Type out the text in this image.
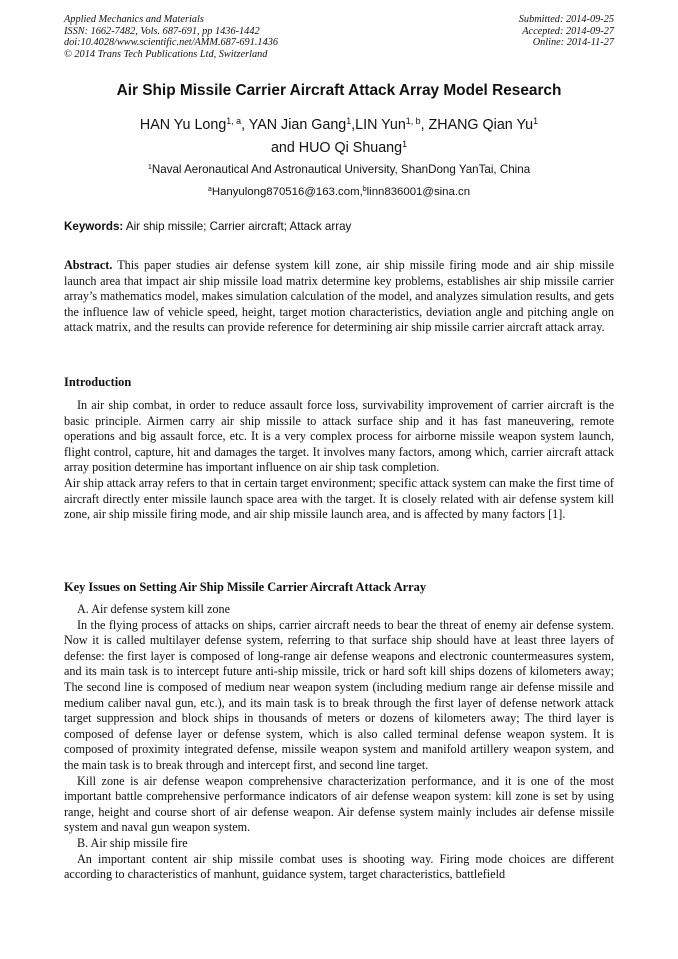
Applied Mechanics and Materials
ISSN: 1662-7482, Vols. 687-691, pp 1436-1442
doi:10.4028/www.scientific.net/AMM.687-691.1436
© 2014 Trans Tech Publications Ltd, Switzerland
Submitted: 2014-09-25
Accepted: 2014-09-27
Online: 2014-11-27
Air Ship Missile Carrier Aircraft Attack Array Model Research
HAN Yu Long$^{1, a}$, YAN Jian Gang$^1$,LIN Yun$^{1, b}$, ZHANG Qian Yu$^1$
and HUO Qi Shuang$^1$
$^1$Naval Aeronautical And Astronautical University, ShanDong YanTai, China
$^a$Hanyulong870516@163.com,$^b$linn836001@sina.cn
Keywords: Air ship missile; Carrier aircraft; Attack array

Abstract. This paper studies air defense system kill zone, air ship missile firing mode and air ship missile launch area that impact air ship missile load matrix determine key problems, establishes air ship missile carrier array’s mathematics model, makes simulation calculation of the model, and analyzes simulation results, and gets the influence law of vehicle speed, height, target motion characteristics, deviation angle and pitching angle on attack matrix, and the results can provide reference for determining air ship missile carrier aircraft attack array.

Introduction

In air ship combat, in order to reduce assault force loss, survivability improvement of carrier aircraft is the basic principle. Airmen carry air ship missile to attack surface ship and it has fast maneuvering, remote operations and big assault force, etc. It is a very complex process for airborne missile weapon system launch, flight control, capture, hit and damages the target. It involves many factors, among which, carrier aircraft attack array position determine has important influence on air ship task completion.

Air ship attack array refers to that in certain target environment; specific attack system can make the first time of aircraft directly enter missile launch space area with the target. It is closely related with air defense system kill zone, air ship missile firing mode, and air ship missile launch area, and is affected by many factors [1].

Key Issues on Setting Air Ship Missile Carrier Aircraft Attack Array

A. Air defense system kill zone

In the flying process of attacks on ships, carrier aircraft needs to bear the threat of enemy air defense system. Now it is called multilayer defense system, referring to that surface ship should have at least three layers of defense: the first layer is composed of long-range air defense weapons and electronic countermeasures system, and its main task is to intercept future anti-ship missile, trick or hard soft kill ships dozens of kilometers away; The second line is composed of medium near weapon system (including medium range air defense missile and medium caliber naval gun, etc.), and its main task is to break through the first layer of defense network attack target suppression and block ships in thousands of meters or dozens of kilometers away; The third layer is composed of defense layer or defense system, which is also called terminal defense weapon system. It is composed of proximity integrated defense, missile weapon system and manifold artillery weapon system, and the main task is to break through and intercept first, and second line target.

Kill zone is air defense weapon comprehensive characterization performance, and it is one of the most important battle comprehensive performance indicators of air defense weapon system: kill zone is set by using range, height and course short of air defense weapon. Air defense system mainly includes air defense missile system and naval gun weapon system.

B. Air ship missile fire

An important content air ship missile combat uses is shooting way. Firing mode choices are different according to characteristics of manhunt, guidance system, target characteristics, battlefield
